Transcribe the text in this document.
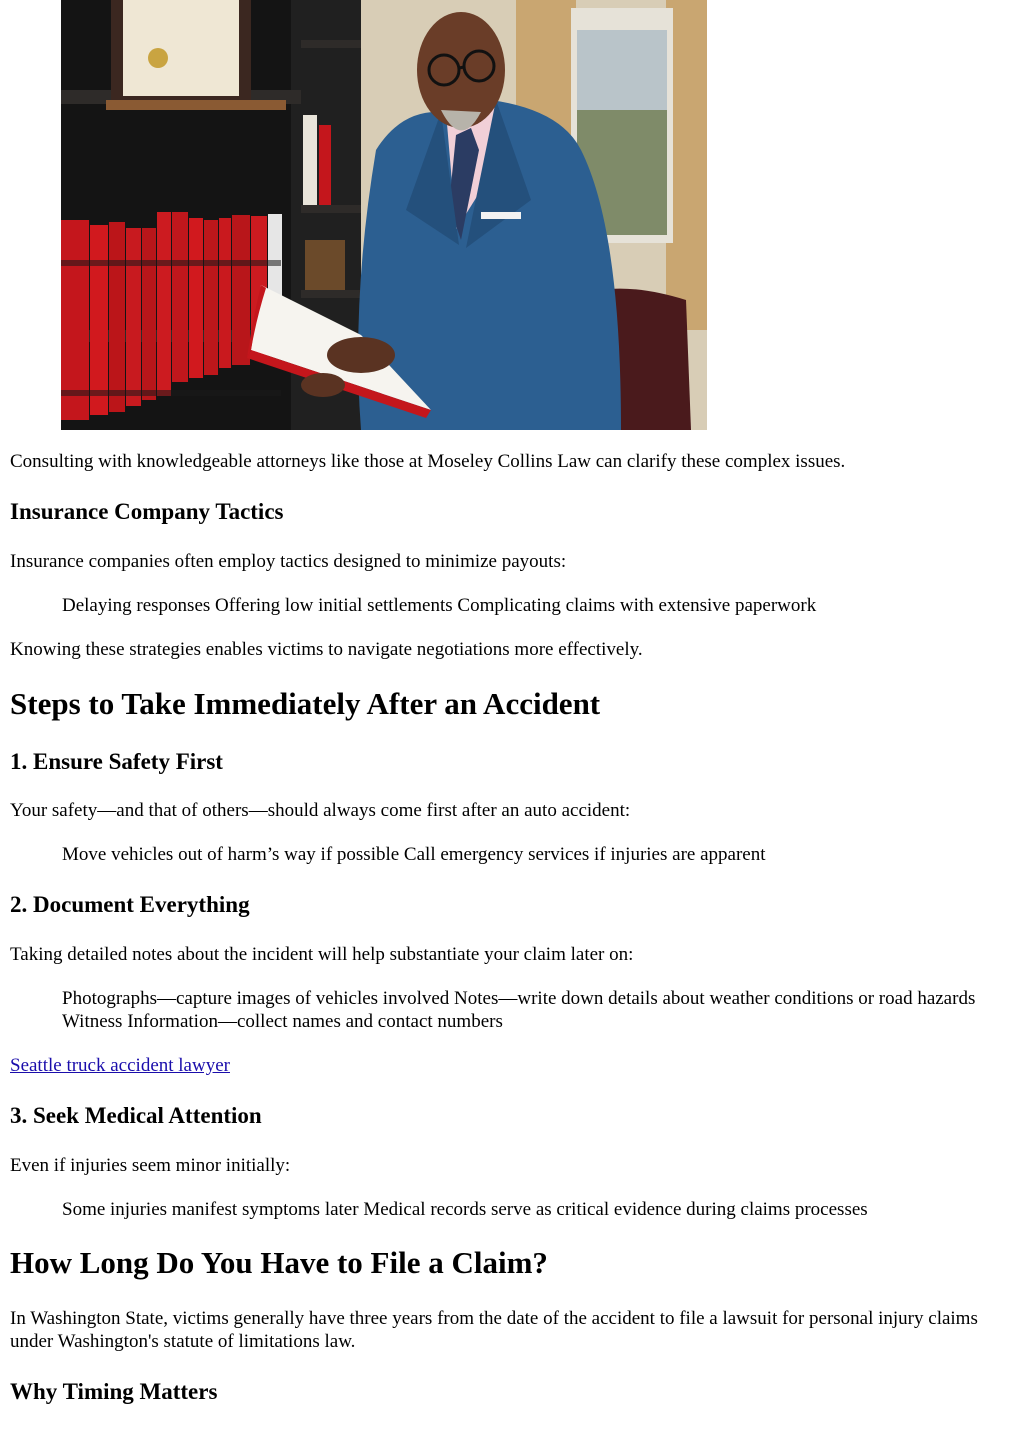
Consulting with knowledgeable attorneys like those at Moseley Collins Law can clarify these complex issues.

Insurance Company Tactics

Insurance companies often employ tactics designed to minimize payouts:

Delaying responses Offering low initial settlements Complicating claims with extensive paperwork

Knowing these strategies enables victims to navigate negotiations more effectively.

Steps to Take Immediately After an Accident
1. Ensure Safety First

Your safety—and that of others—should always come first after an auto accident:

Move vehicles out of harm’s way if possible Call emergency services if injuries are apparent

2. Document Everything

Taking detailed notes about the incident will help substantiate your claim later on:

Photographs—capture images of vehicles involved Notes—write down details about weather conditions or road hazards Witness Information—collect names and contact numbers

Seattle truck accident lawyer
3. Seek Medical Attention

Even if injuries seem minor initially:

Some injuries manifest symptoms later Medical records serve as critical evidence during claims processes

How Long Do You Have to File a Claim?

In Washington State, victims generally have three years from the date of the accident to file a lawsuit for personal injury claims under Washington's statute of limitations law.

Why Timing Matters
